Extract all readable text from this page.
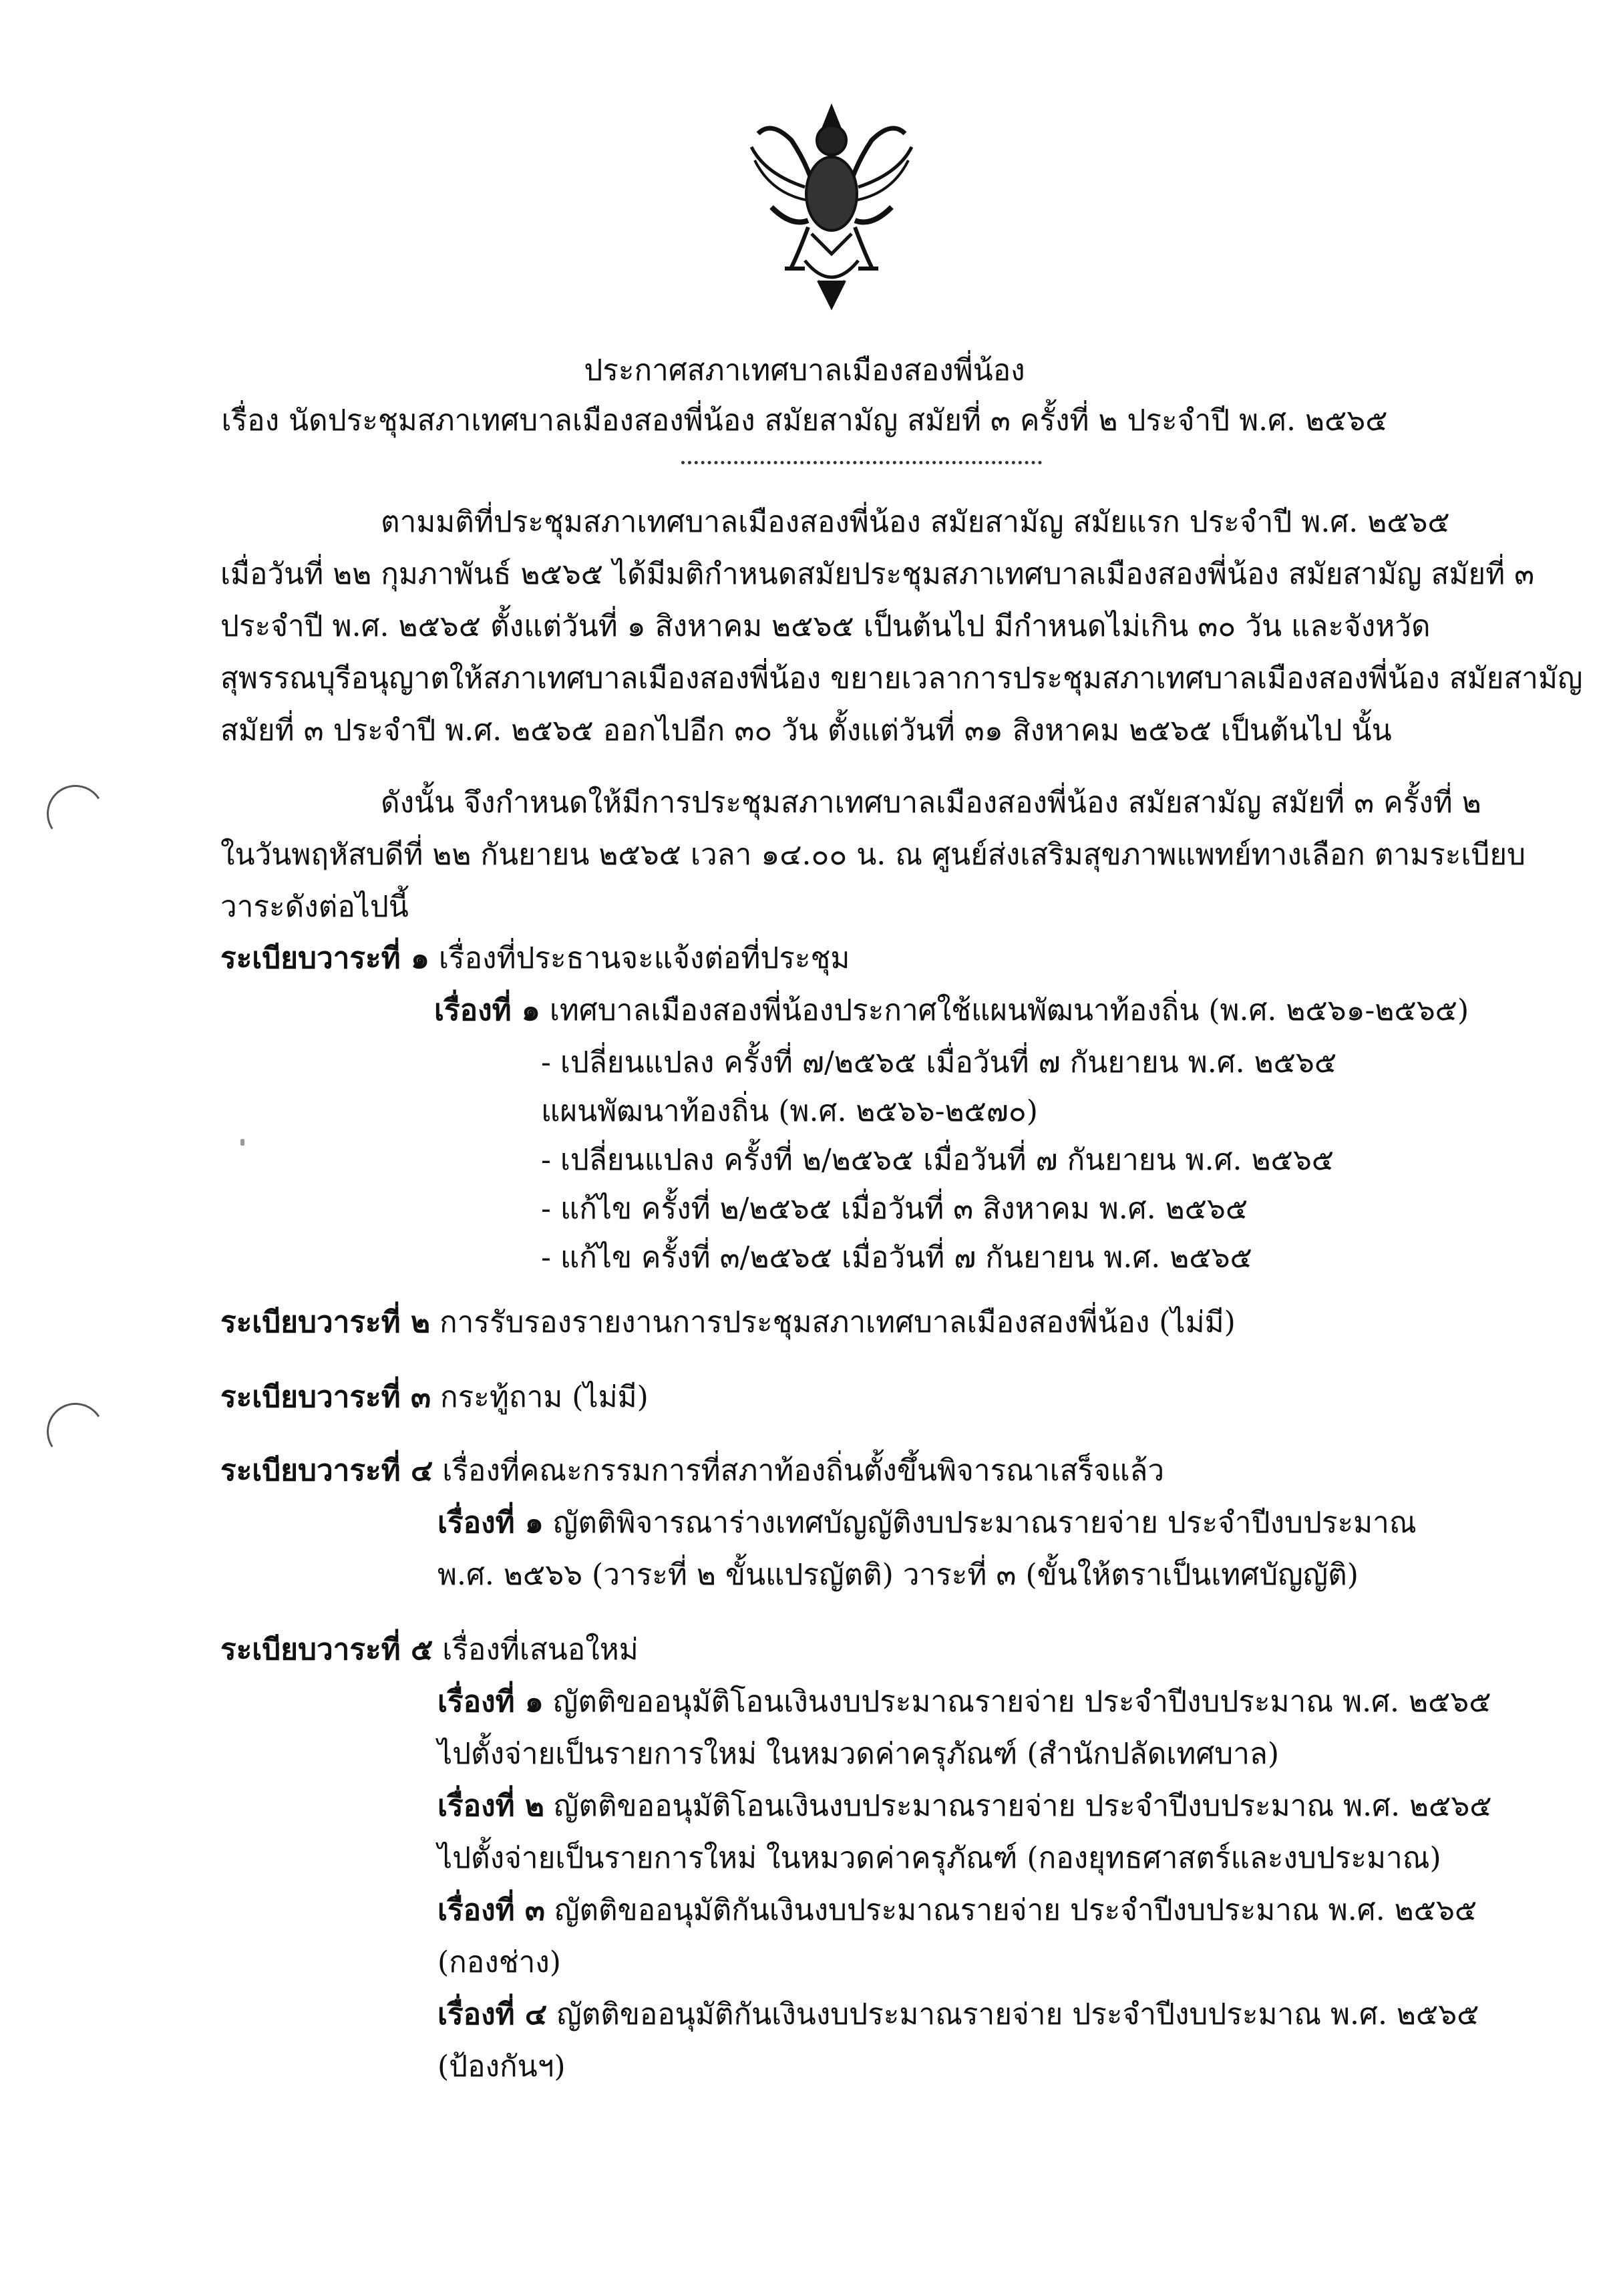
ประกาศสภาเทศบาลเมืองสองพี่น้อง
เรื่อง นัดประชุมสภาเทศบาลเมืองสองพี่น้อง สมัยสามัญ สมัยที่ ๓ ครั้งที่ ๒ ประจำปี พ.ศ. ๒๕๖๕
ตามมติที่ประชุมสภาเทศบาลเมืองสองพี่น้อง สมัยสามัญ สมัยแรก ประจำปี พ.ศ. ๒๕๖๕
เมื่อวันที่ ๒๒ กุมภาพันธ์ ๒๕๖๕ ได้มีมติกำหนดสมัยประชุมสภาเทศบาลเมืองสองพี่น้อง สมัยสามัญ สมัยที่ ๓
ประจำปี พ.ศ. ๒๕๖๕ ตั้งแต่วันที่ ๑ สิงหาคม ๒๕๖๕ เป็นต้นไป มีกำหนดไม่เกิน ๓๐ วัน และจังหวัด
สุพรรณบุรีอนุญาตให้สภาเทศบาลเมืองสองพี่น้อง ขยายเวลาการประชุมสภาเทศบาลเมืองสองพี่น้อง สมัยสามัญ
สมัยที่ ๓ ประจำปี พ.ศ. ๒๕๖๕ ออกไปอีก ๓๐ วัน ตั้งแต่วันที่ ๓๑ สิงหาคม ๒๕๖๕ เป็นต้นไป นั้น
ดังนั้น จึงกำหนดให้มีการประชุมสภาเทศบาลเมืองสองพี่น้อง สมัยสามัญ สมัยที่ ๓ ครั้งที่ ๒
ในวันพฤหัสบดีที่ ๒๒ กันยายน ๒๕๖๕ เวลา ๑๔.๐๐ น. ณ ศูนย์ส่งเสริมสุขภาพแพทย์ทางเลือก ตามระเบียบ
วาระดังต่อไปนี้
ระเบียบวาระที่ ๑ เรื่องที่ประธานจะแจ้งต่อที่ประชุม
เรื่องที่ ๑ เทศบาลเมืองสองพี่น้องประกาศใช้แผนพัฒนาท้องถิ่น (พ.ศ. ๒๕๖๑-๒๕๖๕)
- เปลี่ยนแปลง ครั้งที่ ๗/๒๕๖๕ เมื่อวันที่ ๗ กันยายน พ.ศ. ๒๕๖๕
แผนพัฒนาท้องถิ่น (พ.ศ. ๒๕๖๖-๒๕๗๐)
- เปลี่ยนแปลง ครั้งที่ ๒/๒๕๖๕ เมื่อวันที่ ๗ กันยายน พ.ศ. ๒๕๖๕
- แก้ไข ครั้งที่ ๒/๒๕๖๕ เมื่อวันที่ ๓ สิงหาคม พ.ศ. ๒๕๖๕
- แก้ไข ครั้งที่ ๓/๒๕๖๕ เมื่อวันที่ ๗ กันยายน พ.ศ. ๒๕๖๕
ระเบียบวาระที่ ๒ การรับรองรายงานการประชุมสภาเทศบาลเมืองสองพี่น้อง (ไม่มี)
ระเบียบวาระที่ ๓ กระทู้ถาม (ไม่มี)
ระเบียบวาระที่ ๔ เรื่องที่คณะกรรมการที่สภาท้องถิ่นตั้งขึ้นพิจารณาเสร็จแล้ว
เรื่องที่ ๑ ญัตติพิจารณาร่างเทศบัญญัติงบประมาณรายจ่าย ประจำปีงบประมาณ
พ.ศ. ๒๕๖๖ (วาระที่ ๒ ขั้นแปรญัตติ) วาระที่ ๓ (ขั้นให้ตราเป็นเทศบัญญัติ)
ระเบียบวาระที่ ๕ เรื่องที่เสนอใหม่
เรื่องที่ ๑ ญัตติขออนุมัติโอนเงินงบประมาณรายจ่าย ประจำปีงบประมาณ พ.ศ. ๒๕๖๕
ไปตั้งจ่ายเป็นรายการใหม่ ในหมวดค่าครุภัณฑ์ (สำนักปลัดเทศบาล)
เรื่องที่ ๒ ญัตติขออนุมัติโอนเงินงบประมาณรายจ่าย ประจำปีงบประมาณ พ.ศ. ๒๕๖๕
ไปตั้งจ่ายเป็นรายการใหม่ ในหมวดค่าครุภัณฑ์ (กองยุทธศาสตร์และงบประมาณ)
เรื่องที่ ๓ ญัตติขออนุมัติกันเงินงบประมาณรายจ่าย ประจำปีงบประมาณ พ.ศ. ๒๕๖๕
(กองช่าง)
เรื่องที่ ๔ ญัตติขออนุมัติกันเงินงบประมาณรายจ่าย ประจำปีงบประมาณ พ.ศ. ๒๕๖๕
(ป้องกันฯ)
